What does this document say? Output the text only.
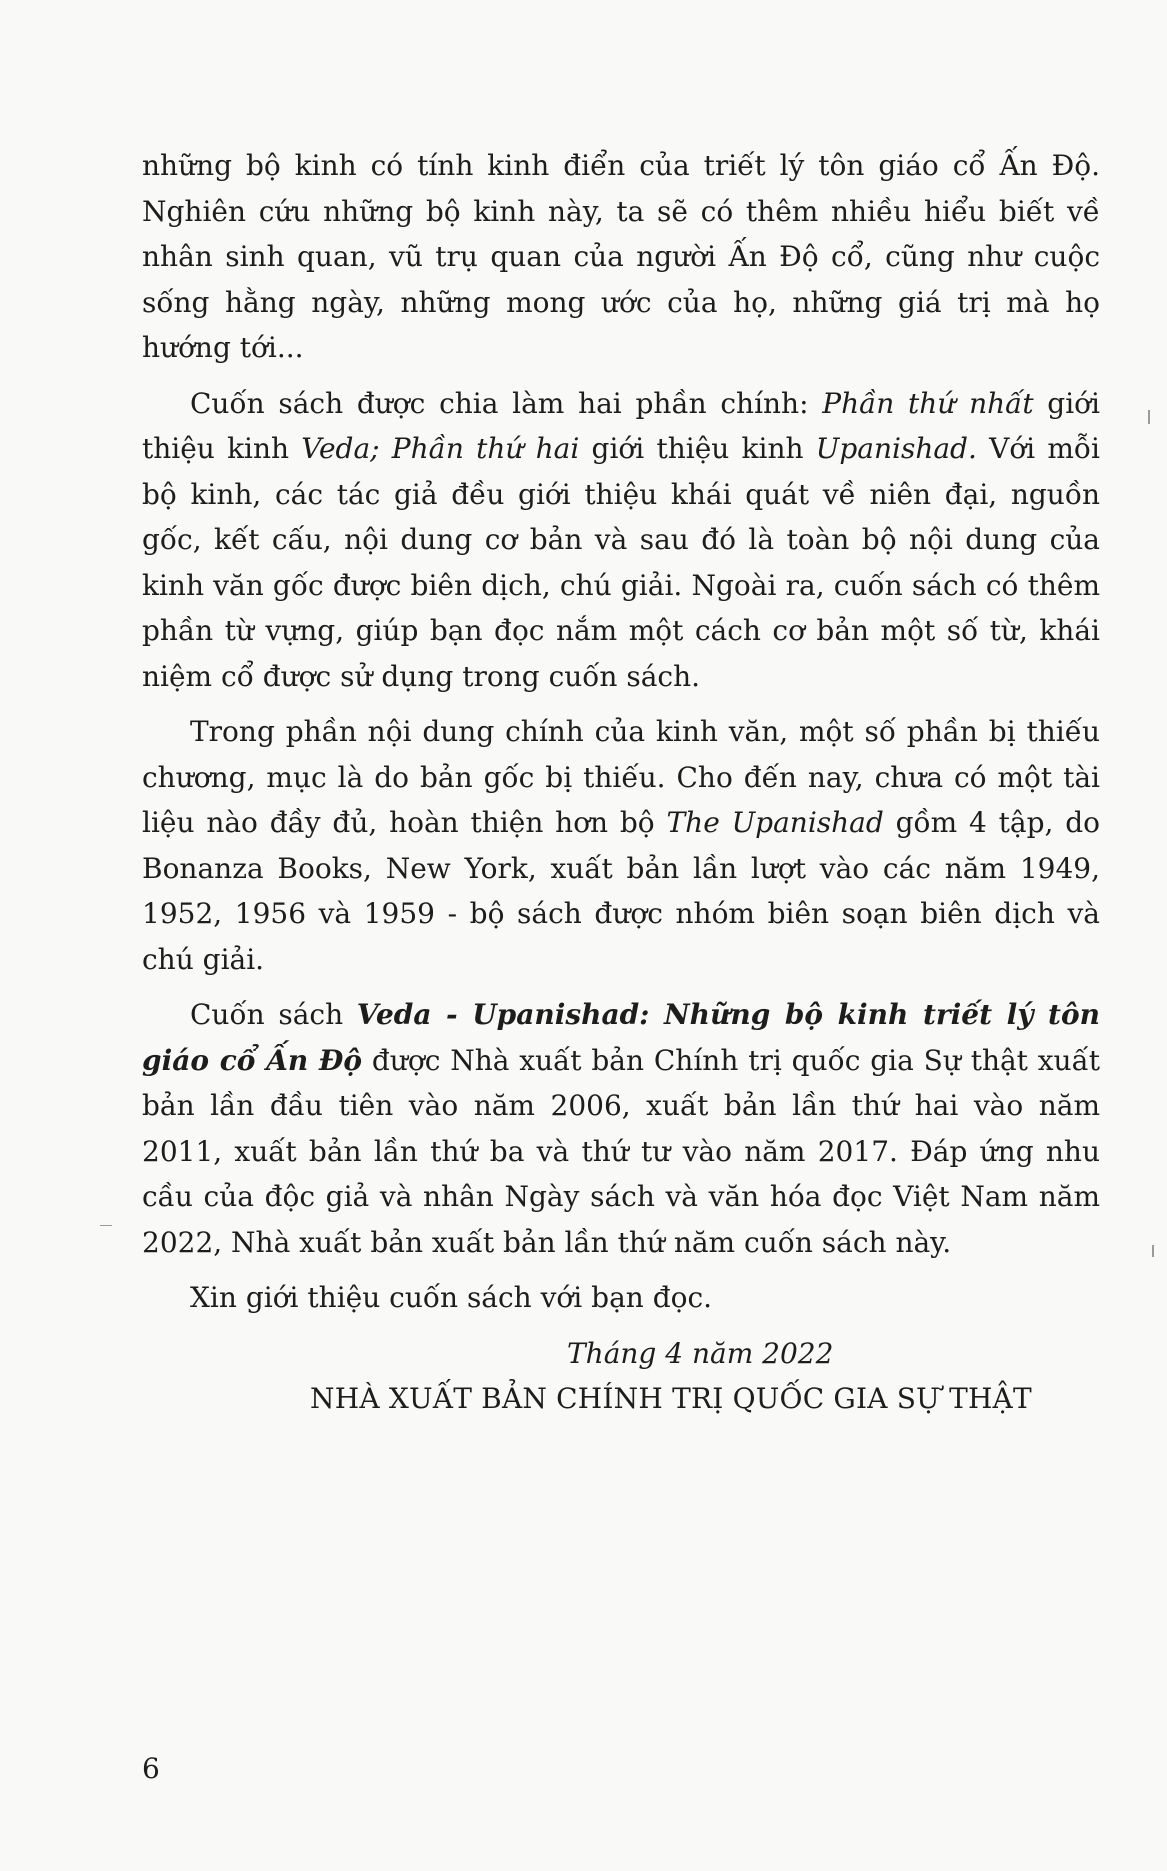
những bộ kinh có tính kinh điển của triết lý tôn giáo cổ Ấn Độ. Nghiên cứu những bộ kinh này, ta sẽ có thêm nhiều hiểu biết về nhân sinh quan, vũ trụ quan của người Ấn Độ cổ, cũng như cuộc sống hằng ngày, những mong ước của họ, những giá trị mà họ hướng tới...

Cuốn sách được chia làm hai phần chính: Phần thứ nhất giới thiệu kinh Veda; Phần thứ hai giới thiệu kinh Upanishad. Với mỗi bộ kinh, các tác giả đều giới thiệu khái quát về niên đại, nguồn gốc, kết cấu, nội dung cơ bản và sau đó là toàn bộ nội dung của kinh văn gốc được biên dịch, chú giải. Ngoài ra, cuốn sách có thêm phần từ vựng, giúp bạn đọc nắm một cách cơ bản một số từ, khái niệm cổ được sử dụng trong cuốn sách.

Trong phần nội dung chính của kinh văn, một số phần bị thiếu chương, mục là do bản gốc bị thiếu. Cho đến nay, chưa có một tài liệu nào đầy đủ, hoàn thiện hơn bộ The Upanishad gồm 4 tập, do Bonanza Books, New York, xuất bản lần lượt vào các năm 1949, 1952, 1956 và 1959 - bộ sách được nhóm biên soạn biên dịch và chú giải.

Cuốn sách Veda - Upanishad: Những bộ kinh triết lý tôn giáo cổ Ấn Độ được Nhà xuất bản Chính trị quốc gia Sự thật xuất bản lần đầu tiên vào năm 2006, xuất bản lần thứ hai vào năm 2011, xuất bản lần thứ ba và thứ tư vào năm 2017. Đáp ứng nhu cầu của độc giả và nhân Ngày sách và văn hóa đọc Việt Nam năm 2022, Nhà xuất bản xuất bản lần thứ năm cuốn sách này.

Xin giới thiệu cuốn sách với bạn đọc.

Tháng 4 năm 2022
NHÀ XUẤT BẢN CHÍNH TRỊ QUỐC GIA SỰ THẬT
6
